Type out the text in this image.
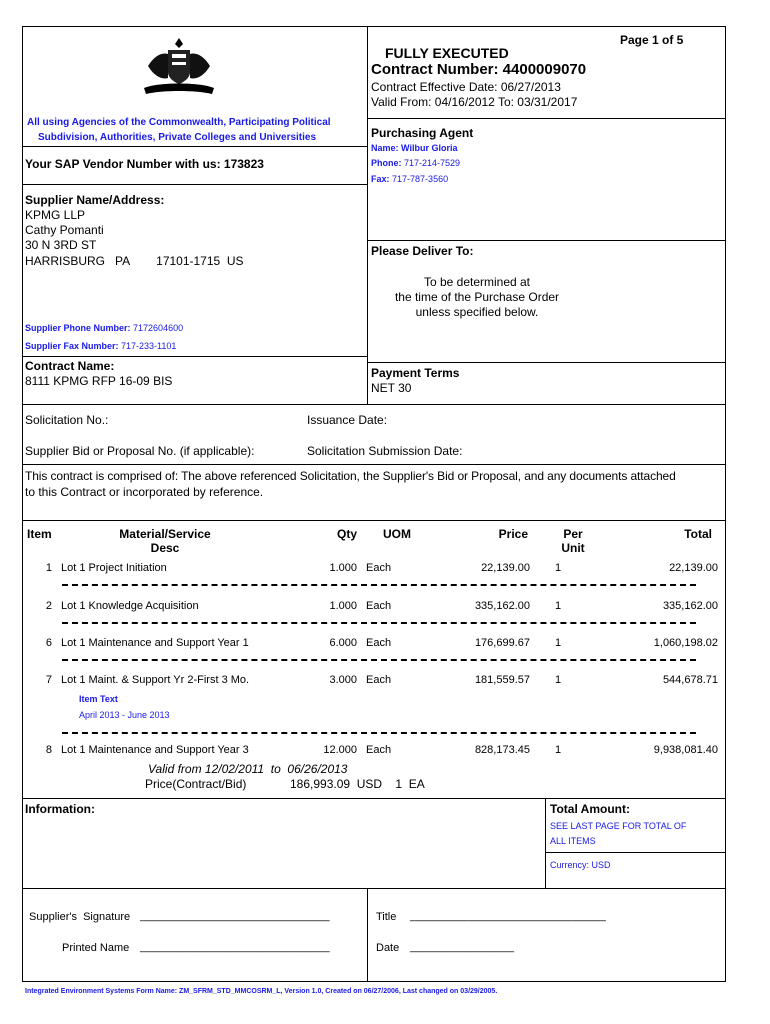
Page 1 of 5
FULLY EXECUTED
Contract Number: 4400009070
Contract Effective Date: 06/27/2013
Valid From: 04/16/2012 To: 03/31/2017
All using Agencies of the Commonwealth, Participating Political
Subdivision, Authorities, Private Colleges and Universities
Your SAP Vendor Number with us: 173823
Purchasing Agent
Name: Wilbur Gloria
Phone: 717-214-7529
Fax: 717-787-3560
Supplier Name/Address:
KPMG LLP
Cathy Pomanti
30 N 3RD ST
HARRISBURG   PA        17101-1715  US
Supplier Phone Number: 7172604600
Supplier Fax Number: 717-233-1101
Please Deliver To:
To be determined at
the time of the Purchase Order
unless specified below.
Contract Name:
8111 KPMG RFP 16-09 BIS
Payment Terms
NET 30
Solicitation No.:	Issuance Date:
Supplier Bid or Proposal No. (if applicable):	Solicitation Submission Date:
This contract is comprised of: The above referenced Solicitation, the Supplier's Bid or Proposal, and any documents attached
to this Contract or incorporated by reference.
Item	Material/Service
Desc
Qty UOM	Price	Per
Unit
Total
1 Lot 1 Project Initiation	1.000 Each	22,139.00 1	22,139.00
2 Lot 1 Knowledge Acquisition	1.000 Each	335,162.00 1	335,162.00
6 Lot 1 Maintenance and Support Year 1	6.000 Each	176,699.67 1	1,060,198.02
7 Lot 1 Maint. & Support Yr 2-First 3 Mo.	3.000 Each	181,559.57 1	544,678.71
Item Text
April 2013 - June 2013
8 Lot 1 Maintenance and Support Year 3	12.000 Each	828,173.45 1	9,938,081.40
Valid from 12/02/2011  to  06/26/2013
Price(Contract/Bid)	186,993.09  USD    1  EA
Information:	Total Amount:
SEE LAST PAGE FOR TOTAL OF
ALL ITEMS
Currency: USD
Supplier's  Signature _______________________________
Printed Name _______________________________
Title ________________________________
Date _________________
Integrated Environment Systems Form Name: ZM_SFRM_STD_MMCOSRM_L, Version 1.0, Created on 06/27/2006, Last changed on 03/29/2005.
